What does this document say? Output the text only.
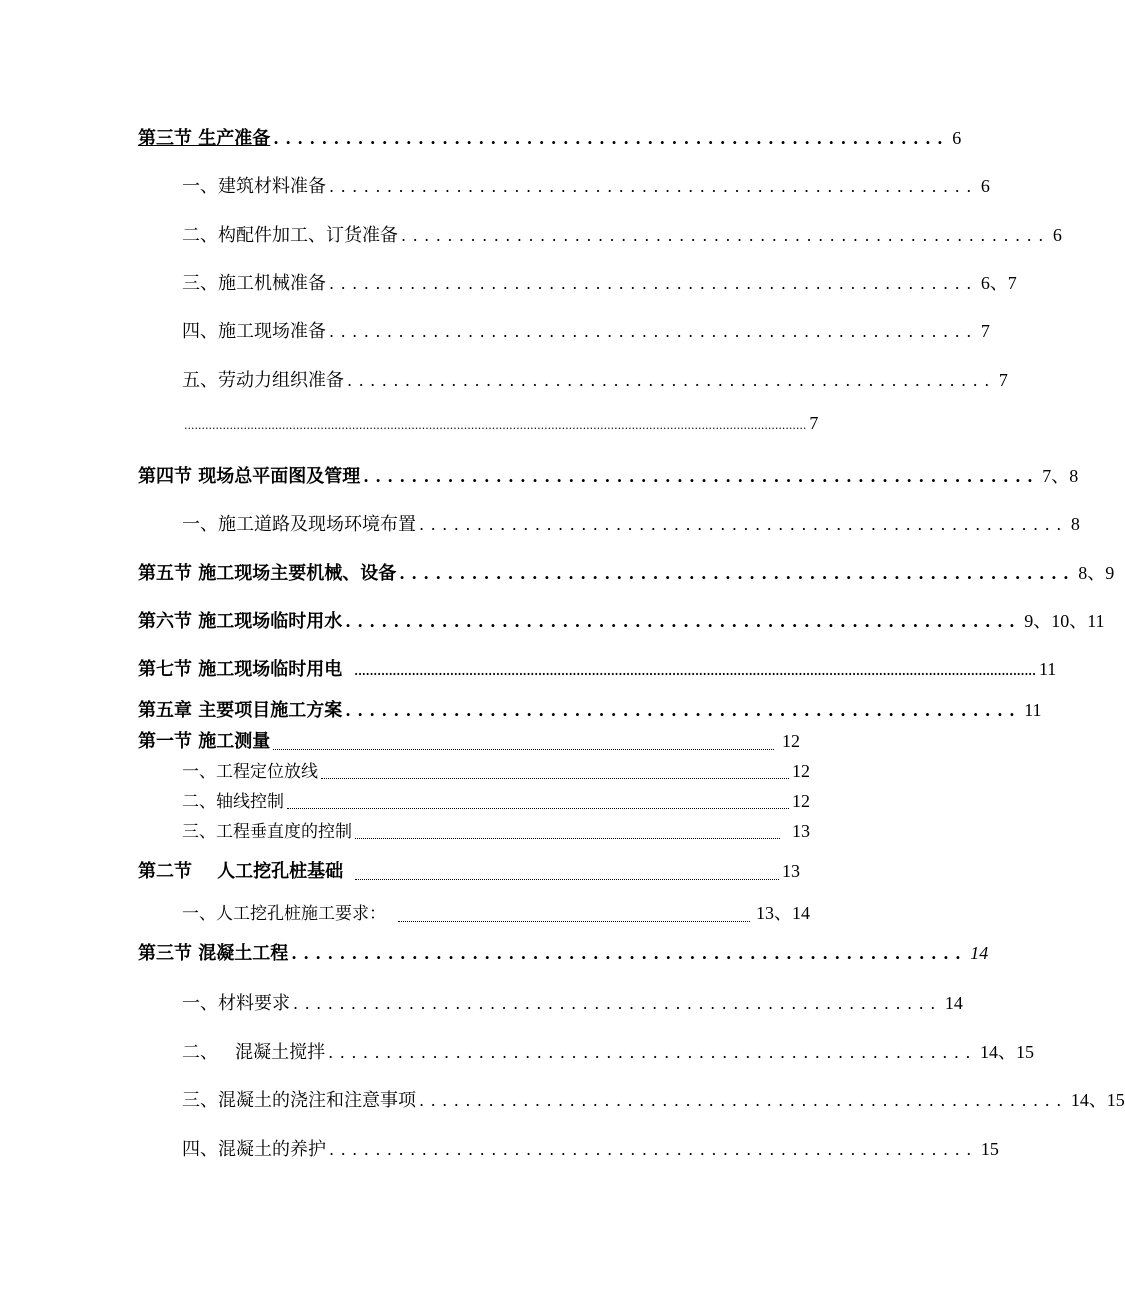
第三节 生产准备 ........................................................ 6
一、建筑材料准备 ........................................................ 6
二、构配件加工、订货准备 ........................................................ 6
三、施工机械准备 ........................................................ 6、7
四、施工现场准备 ........................................................ 7
五、劳动力组织准备 ........................................................ 7
.................................................................................................................................................................................. 7
第四节 现场总平面图及管理 ........................................................ 7、8
一、施工道路及现场环境布置 ........................................................ 8
第五节 施工现场主要机械、设备 ........................................................ 8、9
第六节 施工现场临时用水 ........................................................ 9、10、11
第七节 施工现场临时用电 .................................................................................................................................................................................. 11
第五章 主要项目施工方案 ........................................................ 11
第一节 施工测量	12
一、工程定位放线	12
二、轴线控制	12
三、工程垂直度的控制	13
第二节    人工挖孔桩基础	13
一、人工挖孔桩施工要求：	13、14
第三节 混凝土工程 ........................................................ 14
一、材料要求 ........................................................ 14
二、   混凝土搅拌 ........................................................ 14、15
三、混凝土的浇注和注意事项 ........................................................ 14、15
四、混凝土的养护 ........................................................ 15
